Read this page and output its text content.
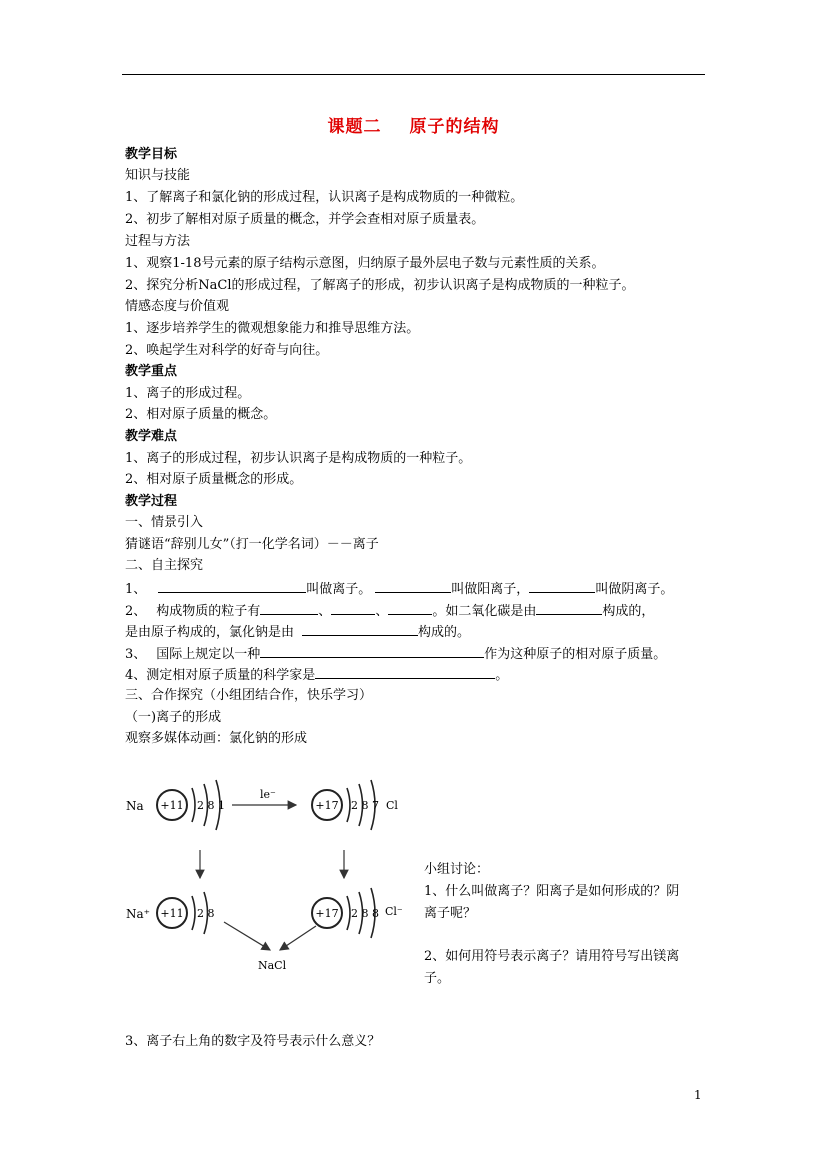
课题二 原子的结构
教学目标
知识与技能
1、了解离子和氯化钠的形成过程，认识离子是构成物质的一种微粒。
2、初步了解相对原子质量的概念，并学会查相对原子质量表。
过程与方法
1、观察1-18号元素的原子结构示意图，归纳原子最外层电子数与元素性质的关系。
2、探究分析NaCl的形成过程，了解离子的形成，初步认识离子是构成物质的一种粒子。
情感态度与价值观
1、逐步培养学生的微观想象能力和推导思维方法。
2、唤起学生对科学的好奇与向往。
教学重点
1、离子的形成过程。
2、相对原子质量的概念。
教学难点
1、离子的形成过程，初步认识离子是构成物质的一种粒子。
2、相对原子质量概念的形成。
教学过程
一、情景引入
猜谜语“辞别儿女”（打一化学名词）－－离子
二、自主探究
1、	叫做离子。	叫做阳离子，	叫做阴离子。
2、 构成物质的粒子有	、	、	。如二氧化碳是由	构成的，
是由原子构成的，氯化钠是由	构成的。
3、 国际上规定以一种	作为这种原子的相对原子质量。
4、测定相对原子质量的科学家是	。
三、合作探究（小组团结合作，快乐学习）
（一)离子的形成
观察多媒体动画：氯化钠的形成
Na +11 2 8 1
le⁻
+17 2 8 7 Cl
Na⁺ +11 2 8	+17 2 8 8 Cl⁻
NaCl
小组讨论：
1、什么叫做离子？阳离子是如何形成的？阴
离子呢？
2、如何用符号表示离子？请用符号写出镁离
子。
3、离子右上角的数字及符号表示什么意义？
1
